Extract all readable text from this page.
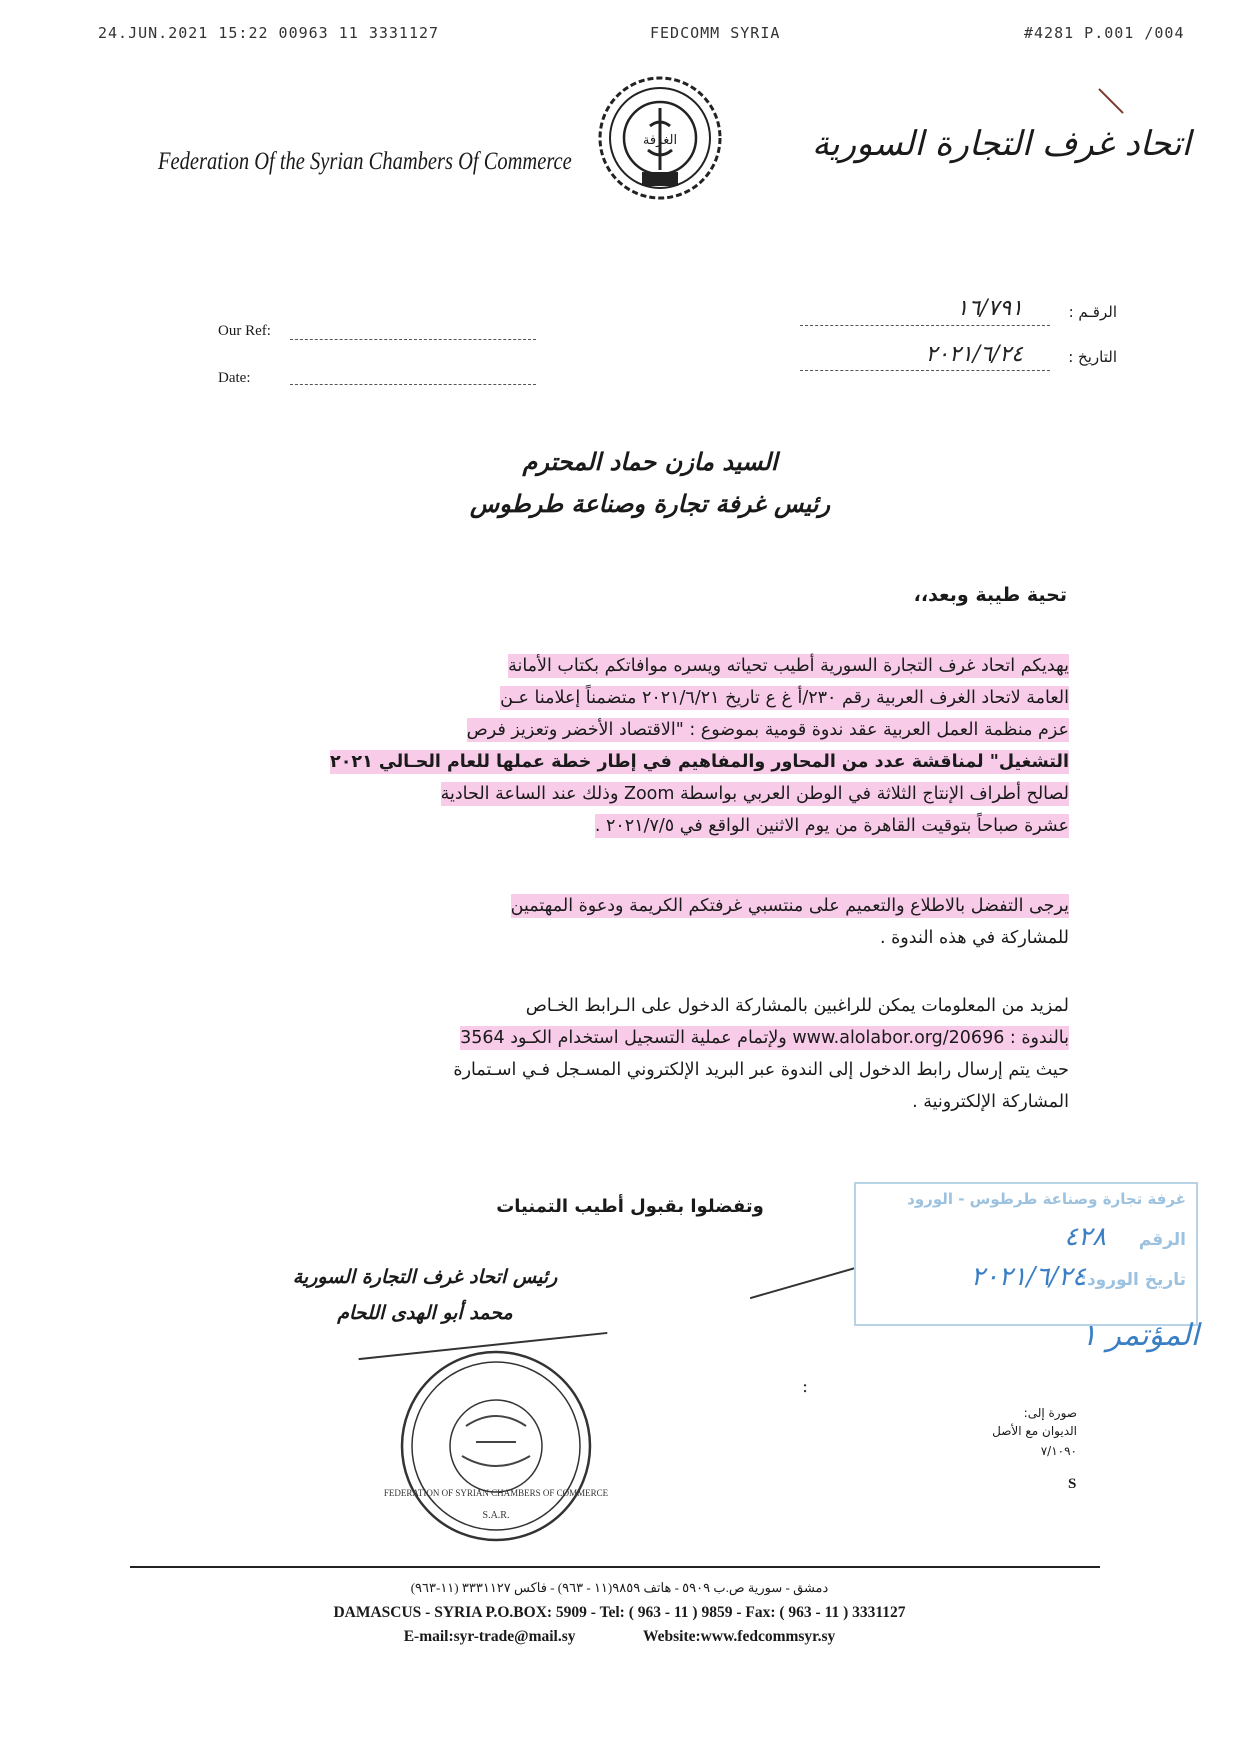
24.JUN.2021 15:22 00963 11 3331127	FEDCOMM SYRIA	#4281 P.001 /004
Federation Of the Syrian Chambers Of Commerce
الغرفة	اتحاد غرف التجارة السورية
Our Ref:
Date:
الرقـم :
١٦/٧٩١
التاريخ :
٢٠٢١/٦/٢٤
السيد مازن حماد المحترم
رئيس غرفة تجارة وصناعة طرطوس
تحية طيبة وبعد،،
يهديكم اتحاد غرف التجارة السورية أطيب تحياته ويسره موافاتكم بكتاب الأمانة
العامة لاتحاد الغرف العربية رقم ٢٣٠/أ غ ع تاريخ ٢٠٢١/٦/٢١ متضمناً إعلامنا عـن
عزم منظمة العمل العربية عقد ندوة قومية بموضوع : "الاقتصاد الأخضر وتعزيز فرص
التشغيل" لمناقشة عدد من المحاور والمفاهيم في إطار خطة عملها للعام الحـالي ٢٠٢١
لصالح أطراف الإنتاج الثلاثة في الوطن العربي بواسطة Zoom وذلك عند الساعة الحادية
عشرة صباحاً بتوقيت القاهرة من يوم الاثنين الواقع في ٢٠٢١/٧/٥ .
يرجى التفضل بالاطلاع والتعميم على منتسبي غرفتكم الكريمة ودعوة المهتمين
للمشاركة في هذه الندوة .
لمزيد من المعلومات يمكن للراغبين بالمشاركة الدخول على الـرابط الخـاص
بالندوة : www.alolabor.org/20696 ولإتمام عملية التسجيل استخدام الكـود 3564
حيث يتم إرسال رابط الدخول إلى الندوة عبر البريد الإلكتروني المسـجل فـي اسـتمارة
المشاركة الإلكترونية .
وتفضلوا بقبول أطيب التمنيات
رئيس اتحاد غرف التجارة السورية
محمد أبو الهدى اللحام
FEDERATION OF SYRIAN CHAMBERS OF COMMERCE
S.A.R.
:
غرفة تجارة وصناعة طرطوس - الورود
الرقم
٤٢٨
تاريخ الورود:
٢٠٢١/٦/٢٤
المؤتمر ١
صورة إلى:
الديوان مع الأصل
٧/١٠٩٠
S
دمشق - سورية ص.ب ٥٩٠٩ - هاتف ٩٨٥٩(١١ - ٩٦٣) - فاكس ٣٣٣١١٢٧ (١١-٩٦٣)
DAMASCUS - SYRIA P.O.BOX: 5909 - Tel: ( 963 - 11 ) 9859 - Fax: ( 963 - 11 ) 3331127
E-mail:syr-trade@mail.sy	Website:www.fedcommsyr.sy
